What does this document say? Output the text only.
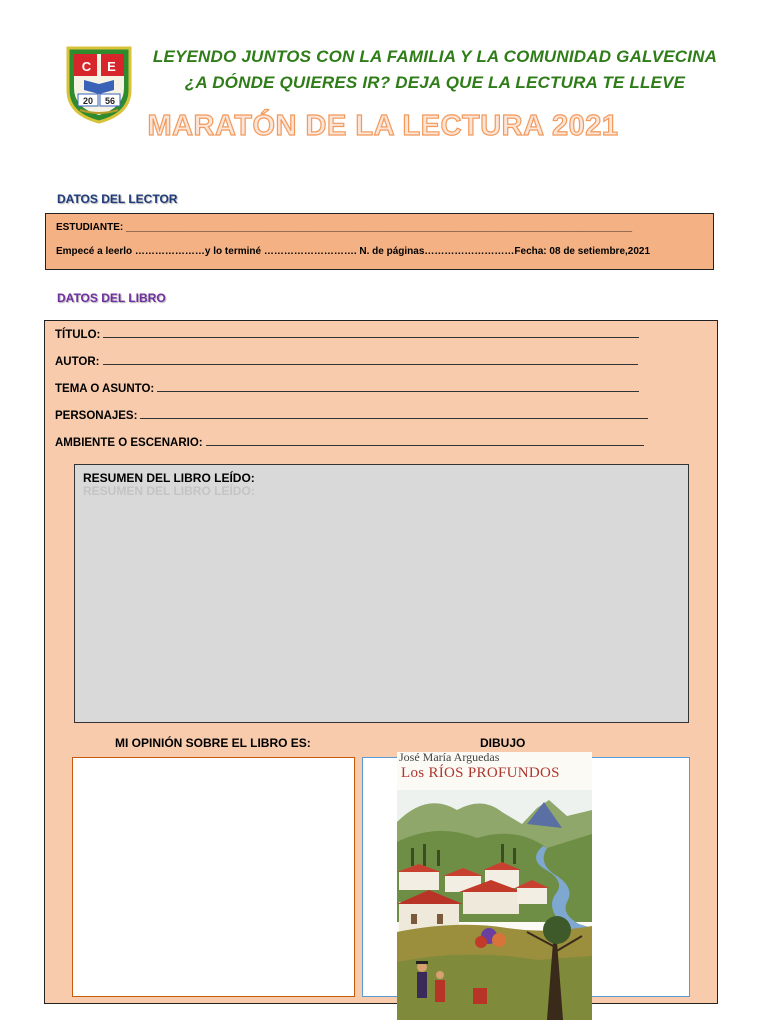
C E
20 56
LEYENDO JUNTOS CON LA FAMILIA Y LA COMUNIDAD GALVECINA
¿A DÓNDE QUIERES IR? DEJA QUE LA LECTURA TE LLEVE
MARATÓN DE LA LECTURA 2021
DATOS DEL LECTOR
ESTUDIANTE: ___________________________________________________________________________________________
Empecé a leerlo …………………y lo terminé ………………………. N. de páginas………………………Fecha: 08 de setiembre,2021
DATOS DEL LIBRO
TÍTULO:
AUTOR:
TEMA O ASUNTO:
PERSONAJES:
AMBIENTE O ESCENARIO:
RESUMEN DEL LIBRO LEÍDO:
RESUMEN DEL LIBRO LEÍDO:
MI OPINIÓN SOBRE EL LIBRO ES:	DIBUJO
José María Arguedas
Los RÍOS PROFUNDOS
